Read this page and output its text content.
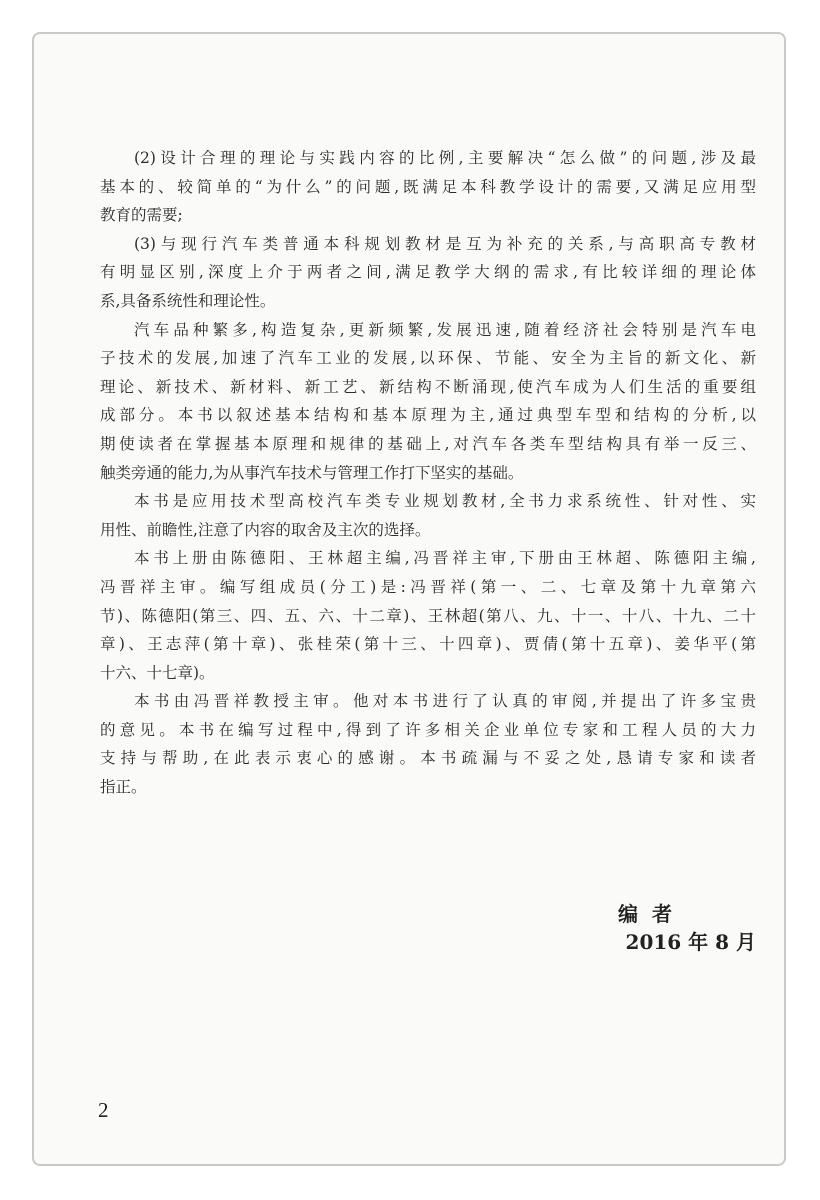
(2)设计合理的理论与实践内容的比例,主要解决“怎么做”的问题,涉及最
基本的、较简单的“为什么”的问题,既满足本科教学设计的需要,又满足应用型
教育的需要;
(3)与现行汽车类普通本科规划教材是互为补充的关系,与高职高专教材
有明显区别,深度上介于两者之间,满足教学大纲的需求,有比较详细的理论体
系,具备系统性和理论性。
汽车品种繁多,构造复杂,更新频繁,发展迅速,随着经济社会特别是汽车电
子技术的发展,加速了汽车工业的发展,以环保、节能、安全为主旨的新文化、新
理论、新技术、新材料、新工艺、新结构不断涌现,使汽车成为人们生活的重要组
成部分。本书以叙述基本结构和基本原理为主,通过典型车型和结构的分析,以
期使读者在掌握基本原理和规律的基础上,对汽车各类车型结构具有举一反三、
触类旁通的能力,为从事汽车技术与管理工作打下坚实的基础。
本书是应用技术型高校汽车类专业规划教材,全书力求系统性、针对性、实
用性、前瞻性,注意了内容的取舍及主次的选择。
本书上册由陈德阳、王林超主编,冯晋祥主审,下册由王林超、陈德阳主编,
冯晋祥主审。编写组成员(分工)是:冯晋祥(第一、二、七章及第十九章第六
节)、陈德阳(第三、四、五、六、十二章)、王林超(第八、九、十一、十八、十九、二十
章)、王志萍(第十章)、张桂荣(第十三、十四章)、贾倩(第十五章)、姜华平(第
十六、十七章)。
本书由冯晋祥教授主审。他对本书进行了认真的审阅,并提出了许多宝贵
的意见。本书在编写过程中,得到了许多相关企业单位专家和工程人员的大力
支持与帮助,在此表示衷心的感谢。本书疏漏与不妥之处,恳请专家和读者
指正。
编者
2016 年 8 月
2
